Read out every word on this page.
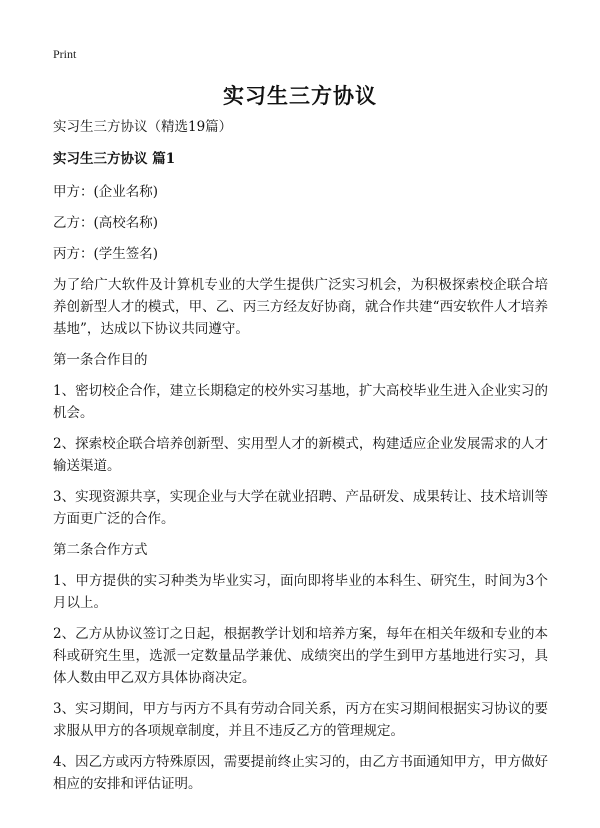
Print
实习生三方协议

实习生三方协议（精选19篇）

实习生三方协议 篇1

甲方：(企业名称)

乙方：(高校名称)

丙方：(学生签名)

为了给广大软件及计算机专业的大学生提供广泛实习机会，为积极探索校企联合培养创新型人才的模式，甲、乙、丙三方经友好协商，就合作共建“西安软件人才培养基地”，达成以下协议共同遵守。

第一条合作目的

1、密切校企合作，建立长期稳定的校外实习基地，扩大高校毕业生进入企业实习的机会。

2、探索校企联合培养创新型、实用型人才的新模式，构建适应企业发展需求的人才输送渠道。

3、实现资源共享，实现企业与大学在就业招聘、产品研发、成果转让、技术培训等方面更广泛的合作。

第二条合作方式

1、甲方提供的实习种类为毕业实习，面向即将毕业的本科生、研究生，时间为3个月以上。

2、乙方从协议签订之日起，根据教学计划和培养方案，每年在相关年级和专业的本科或研究生里，选派一定数量品学兼优、成绩突出的学生到甲方基地进行实习，具体人数由甲乙双方具体协商决定。

3、实习期间，甲方与丙方不具有劳动合同关系，丙方在实习期间根据实习协议的要求服从甲方的各项规章制度，并且不违反乙方的管理规定。

4、因乙方或丙方特殊原因，需要提前终止实习的，由乙方书面通知甲方，甲方做好相应的安排和评估证明。
